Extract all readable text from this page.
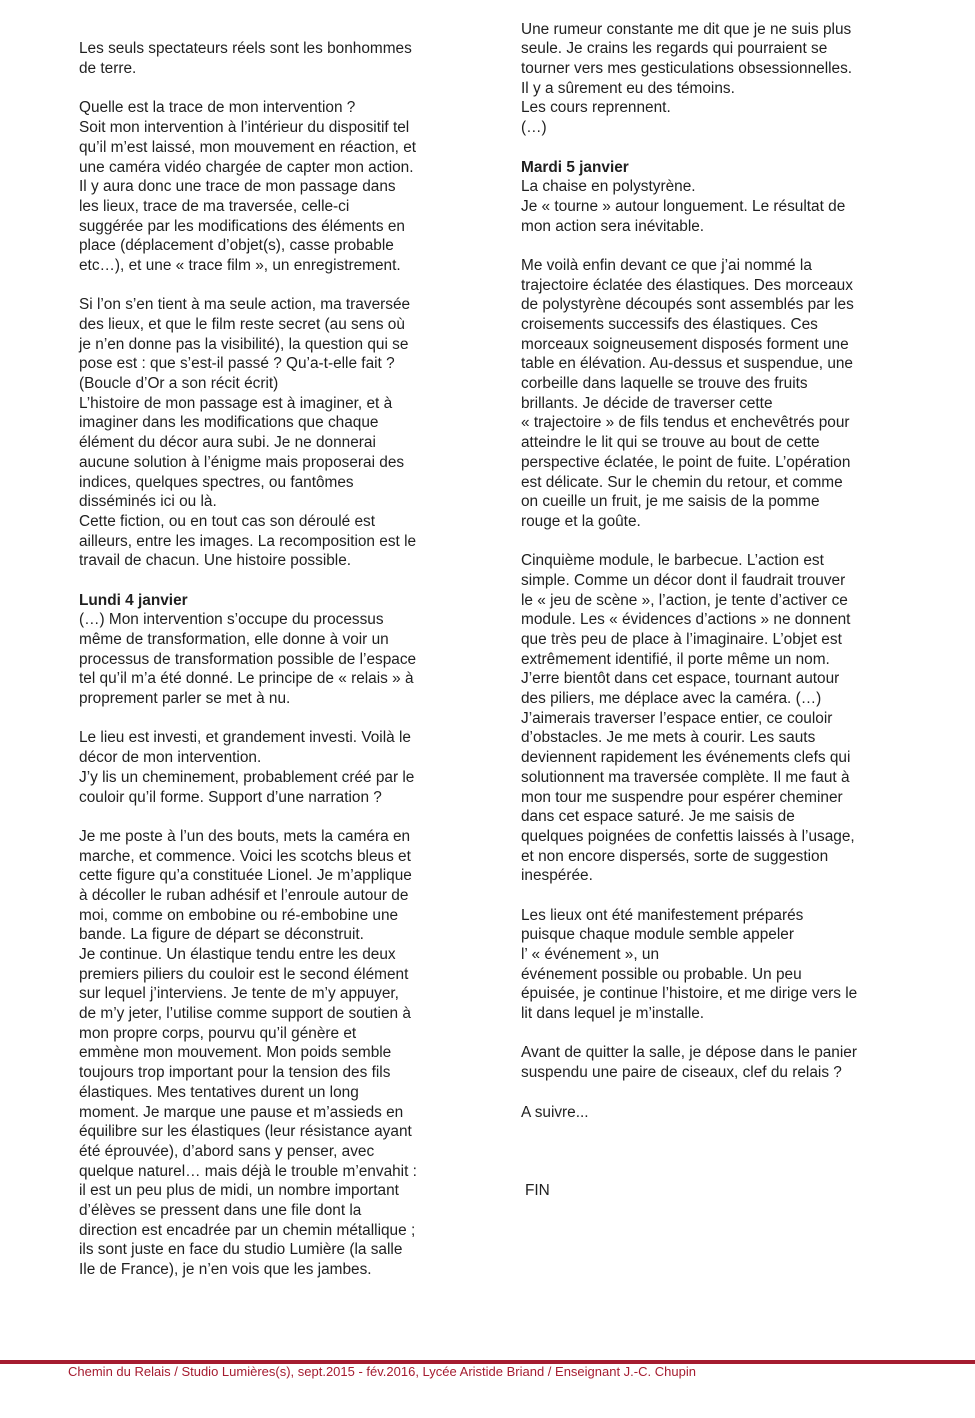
Les seuls spectateurs réels sont les bonhommes
de terre.
Quelle est la trace de mon intervention ?
Soit mon intervention à l’intérieur du dispositif tel
qu’il m’est laissé, mon mouvement en réaction, et
une caméra vidéo chargée de capter mon action.
Il y aura donc une trace de mon passage dans
les lieux, trace de ma traversée, celle-ci
suggérée par les modifications des éléments en
place (déplacement d’objet(s), casse probable
etc…), et une « trace film », un enregistrement.
Si l’on s’en tient à ma seule action, ma traversée
des lieux, et que le film reste secret (au sens où
je n’en donne pas la visibilité), la question qui se
pose est : que s’est-il passé ? Qu’a-t-elle fait ?
(Boucle d’Or a son récit écrit)
L’histoire de mon passage est à imaginer, et à
imaginer dans les modifications que chaque
élément du décor aura subi. Je ne donnerai
aucune solution à l’énigme mais proposerai des
indices, quelques spectres, ou fantômes
disséminés ici ou là.
Cette fiction, ou en tout cas son déroulé est
ailleurs, entre les images. La recomposition est le
travail de chacun. Une histoire possible.
Lundi 4 janvier
(…) Mon intervention s’occupe du processus
même de transformation, elle donne à voir un
processus de transformation possible de l’espace
tel qu’il m’a été donné. Le principe de « relais » à
proprement parler se met à nu.
Le lieu est investi, et grandement investi. Voilà le
décor de mon intervention.
J’y lis un cheminement, probablement créé par le
couloir qu’il forme. Support d’une narration ?
Je me poste à l’un des bouts, mets la caméra en
marche, et commence. Voici les scotchs bleus et
cette figure qu’a constituée Lionel. Je m’applique
à décoller le ruban adhésif et l’enroule autour de
moi, comme on embobine ou ré-embobine une
bande. La figure de départ se déconstruit.
Je continue. Un élastique tendu entre les deux
premiers piliers du couloir est le second élément
sur lequel j’interviens. Je tente de m’y appuyer,
de m’y jeter, l’utilise comme support de soutien à
mon propre corps, pourvu qu’il génère et
emmène mon mouvement. Mon poids semble
toujours trop important pour la tension des fils
élastiques. Mes tentatives durent un long
moment. Je marque une pause et m’assieds en
équilibre sur les élastiques (leur résistance ayant
été éprouvée), d’abord sans y penser, avec
quelque naturel… mais déjà le trouble m’envahit :
il est un peu plus de midi, un nombre important
d’élèves se pressent dans une file dont la
direction est encadrée par un chemin métallique ;
ils sont juste en face du studio Lumière (la salle
Ile de France), je n’en vois que les jambes.
Une rumeur constante me dit que je ne suis plus
seule. Je crains les regards qui pourraient se
tourner vers mes gesticulations obsessionnelles.
Il y a sûrement eu des témoins.
Les cours reprennent.
(…)
Mardi 5 janvier
La chaise en polystyrène.
Je « tourne » autour longuement. Le résultat de
mon action sera inévitable.
Me voilà enfin devant ce que j’ai nommé la
trajectoire éclatée des élastiques. Des morceaux
de polystyrène découpés sont assemblés par les
croisements successifs des élastiques. Ces
morceaux soigneusement disposés forment une
table en élévation. Au-dessus et suspendue, une
corbeille dans laquelle se trouve des fruits
brillants. Je décide de traverser cette
« trajectoire » de fils tendus et enchevêtrés pour
atteindre le lit qui se trouve au bout de cette
perspective éclatée, le point de fuite. L’opération
est délicate. Sur le chemin du retour, et comme
on cueille un fruit, je me saisis de la pomme
rouge et la goûte.
Cinquième module, le barbecue. L’action est
simple. Comme un décor dont il faudrait trouver
le « jeu de scène », l’action, je tente d’activer ce
module. Les « évidences d’actions » ne donnent
que très peu de place à l’imaginaire. L’objet est
extrêmement identifié, il porte même un nom.
J’erre bientôt dans cet espace, tournant autour
des piliers, me déplace avec la caméra. (…)
J’aimerais traverser l’espace entier, ce couloir
d’obstacles. Je me mets à courir. Les sauts
deviennent rapidement les événements clefs qui
solutionnent ma traversée complète. Il me faut à
mon tour me suspendre pour espérer cheminer
dans cet espace saturé. Je me saisis de
quelques poignées de confettis laissés à l’usage,
et non encore dispersés, sorte de suggestion
inespérée.
Les lieux ont été manifestement préparés
puisque chaque module semble appeler
l’ « événement », un
événement possible ou probable. Un peu
épuisée, je continue l’histoire, et me dirige vers le
lit dans lequel je m’installe.
Avant de quitter la salle, je dépose dans le panier
suspendu une paire de ciseaux, clef du relais ?
A suivre...
FIN
Chemin du Relais / Studio Lumières(s), sept.2015 - fév.2016, Lycée Aristide Briand / Enseignant J.-C. Chupin
